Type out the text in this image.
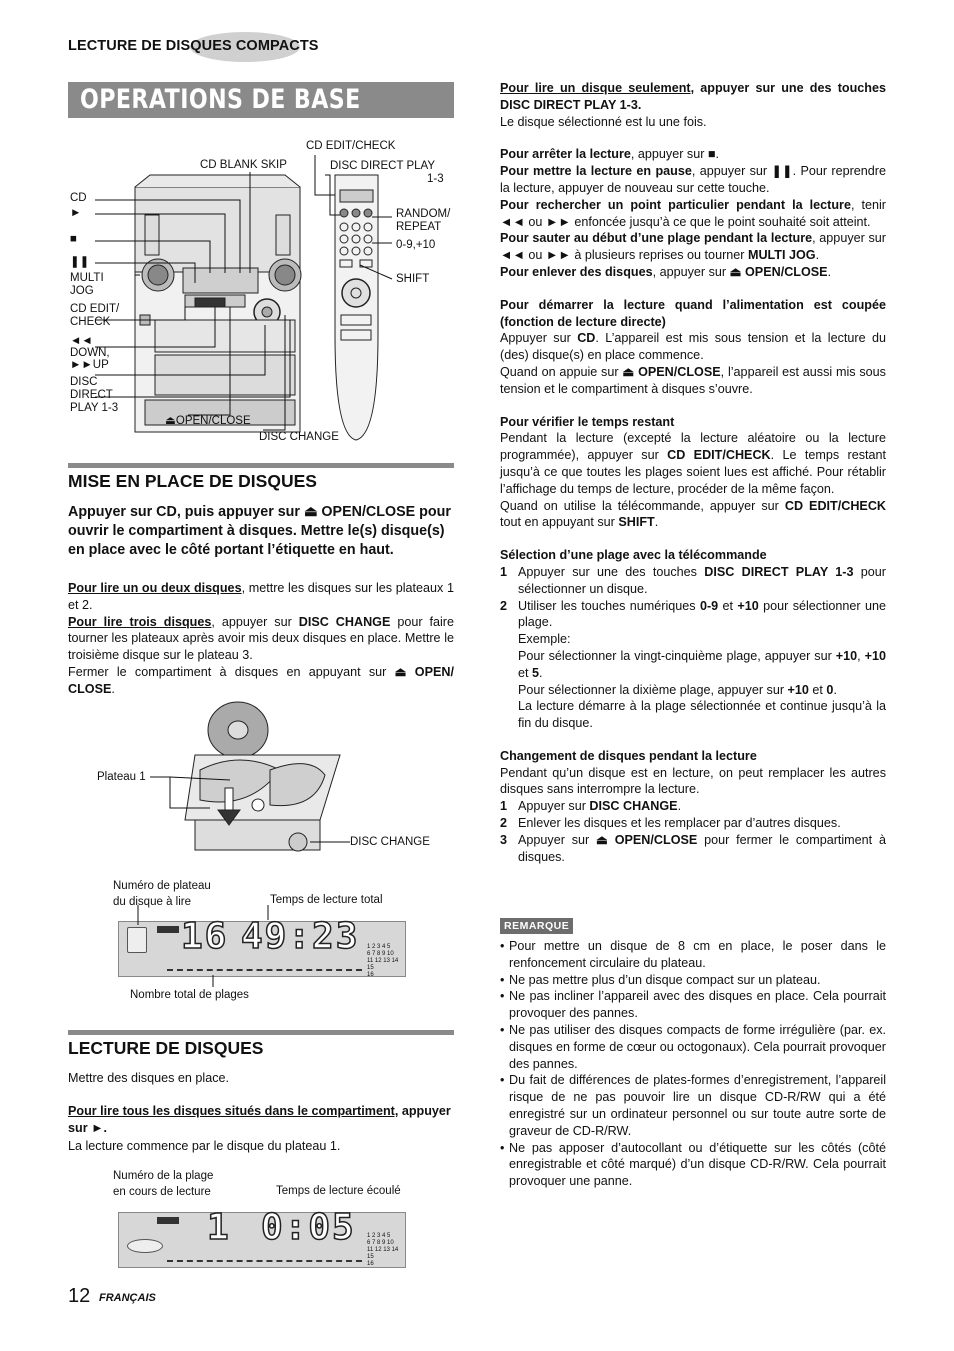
LECTURE DE DISQUES COMPACTS
OPERATIONS DE BASE
CD EDIT/CHECK
CD BLANK SKIP	DISC DIRECT PLAY
1-3
CD
►
■
❚❚
MULTI
JOG
CD EDIT/
CHECK
◄◄
DOWN,
►►UP
DISC
DIRECT
PLAY 1-3
⏏OPEN/CLOSE
DISC CHANGE
RANDOM/
REPEAT
0-9,+10
SHIFT
MISE EN PLACE DE DISQUES
Appuyer sur CD, puis appuyer sur ⏏ OPEN/CLOSE pour ouvrir le compartiment à disques. Mettre le(s) disque(s) en place avec le côté portant l’étiquette en haut.
Pour lire un ou deux disques, mettre les disques sur les plateaux 1 et 2.
Pour lire trois disques, appuyer sur DISC CHANGE pour faire tourner les plateaux après avoir mis deux disques en place. Mettre le troisième disque sur le plateau 3.
Fermer le compartiment à disques en appuyant sur ⏏ OPEN/ CLOSE.
Plateau 1
DISC CHANGE
Numéro de plateau
du disque à lire	Temps de lecture total
16 49:23 1 2 3 4 5
6 7 8 9 10
11 12 13 14 15
16
Nombre total de plages
LECTURE DE DISQUES
Mettre des disques en place.
Pour lire tous les disques situés dans le compartiment, appuyer sur ►.
La lecture commence par le disque du plateau 1.
Numéro de la plage
en cours de lecture	Temps de lecture écoulé
1 0:05 1 2 3 4 5
6 7 8 9 10
11 12 13 14 15
16
12 FRANÇAIS
Pour lire un disque seulement, appuyer sur une des touches DISC DIRECT PLAY 1-3.
Le disque sélectionné est lu une fois.
Pour arrêter la lecture, appuyer sur ■.
Pour mettre la lecture en pause, appuyer sur ❚❚. Pour reprendre la lecture, appuyer de nouveau sur cette touche.
Pour rechercher un point particulier pendant la lecture, tenir ◄◄ ou ►► enfoncée jusqu’à ce que le point souhaité soit atteint.
Pour sauter au début d’une plage pendant la lecture, appuyer sur ◄◄ ou ►► à plusieurs reprises ou tourner MULTI JOG.
Pour enlever des disques, appuyer sur ⏏ OPEN/CLOSE.
Pour démarrer la lecture quand l’alimentation est coupée (fonction de lecture directe)
Appuyer sur CD. L’appareil est mis sous tension et la lecture du (des) disque(s) en place commence.
Quand on appuie sur ⏏ OPEN/CLOSE, l’appareil est aussi mis sous tension et le compartiment à disques s’ouvre.
Pour vérifier le temps restant
Pendant la lecture (excepté la lecture aléatoire ou la lecture programmée), appuyer sur CD EDIT/CHECK. Le temps restant jusqu’à ce que toutes les plages soient lues est affiché. Pour rétablir l’affichage du temps de lecture, procéder de la même façon.
Quand on utilise la télécommande, appuyer sur CD EDIT/CHECK tout en appuyant sur SHIFT.
Sélection d’une plage avec la télécommande
1 Appuyer sur une des touches DISC DIRECT PLAY 1-3 pour sélectionner un disque.
2 Utiliser les touches numériques 0-9 et +10 pour sélectionner une plage.
Exemple:
Pour sélectionner la vingt-cinquième plage, appuyer sur +10, +10 et 5.
Pour sélectionner la dixième plage, appuyer sur +10 et 0.
La lecture démarre à la plage sélectionnée et continue jusqu’à la fin du disque.
Changement de disques pendant la lecture
Pendant qu’un disque est en lecture, on peut remplacer les autres disques sans interrompre la lecture.
1 Appuyer sur DISC CHANGE.
2 Enlever les disques et les remplacer par d’autres disques.
3 Appuyer sur ⏏ OPEN/CLOSE pour fermer le compartiment à disques.
REMARQUE
• Pour mettre un disque de 8 cm en place, le poser dans le renfoncement circulaire du plateau.
• Ne pas mettre plus d’un disque compact sur un plateau.
• Ne pas incliner l’appareil avec des disques en place. Cela pourrait provoquer des pannes.
• Ne pas utiliser des disques compacts de forme irrégulière (par. ex. disques en forme de cœur ou octogonaux). Cela pourrait provoquer des pannes.
• Du fait de différences de plates-formes d’enregistrement, l’appareil risque de ne pas pouvoir lire un disque CD-R/RW qui a été enregistré sur un ordinateur personnel ou sur toute autre sorte de graveur de CD-R/RW.
• Ne pas apposer d’autocollant ou d’étiquette sur les côtés (côté enregistrable et côté marqué) d’un disque CD-R/RW. Cela pourrait provoquer une panne.
